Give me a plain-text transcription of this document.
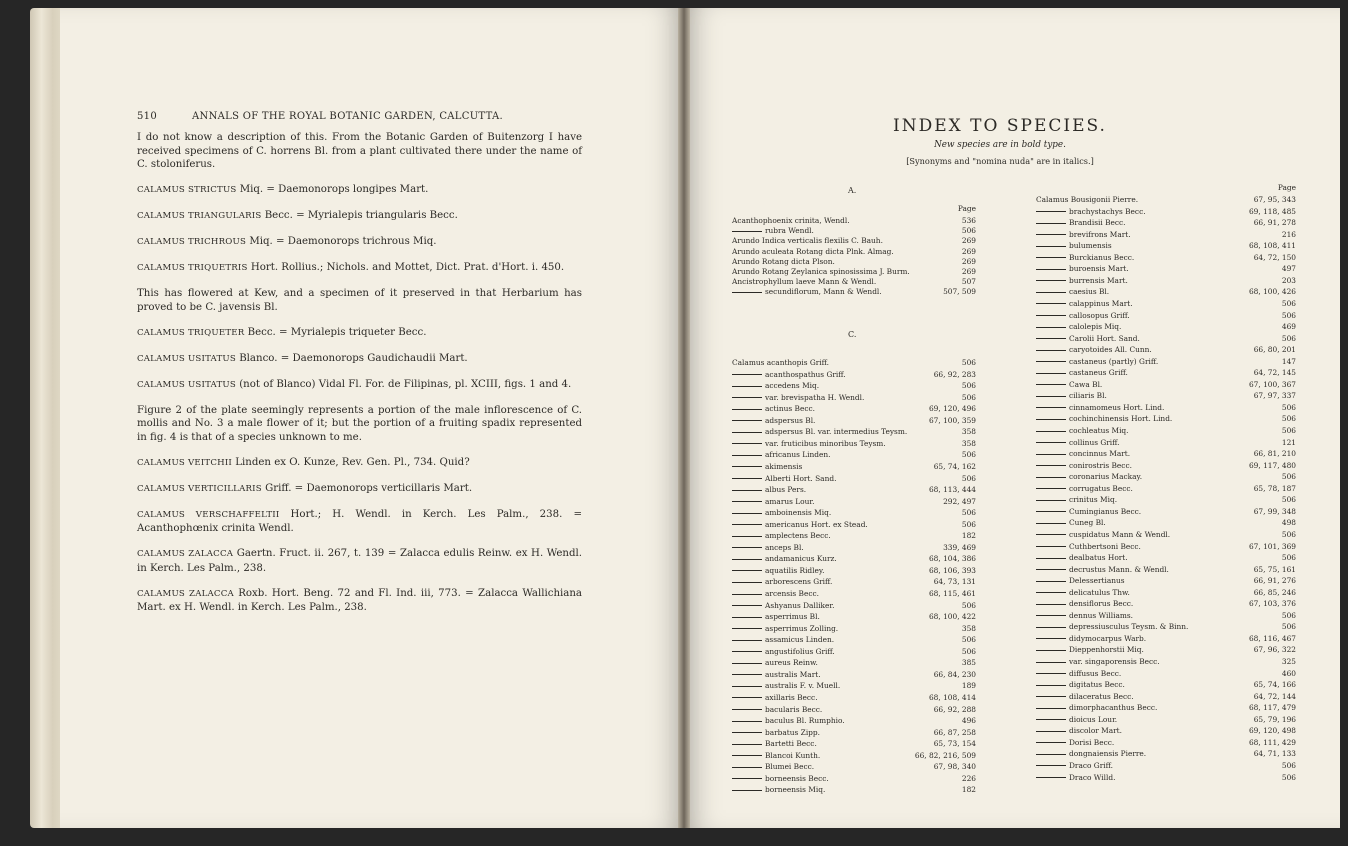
510	ANNALS OF THE ROYAL BOTANIC GARDEN, CALCUTTA.

I do not know a description of this. From the Botanic Garden of Buitenzorg I have received specimens of C. horrens Bl. from a plant cultivated there under the name of C. stoloniferus.

CALAMUS STRICTUS Miq. = Daemonorops longipes Mart.

CALAMUS TRIANGULARIS Becc. = Myrialepis triangularis Becc.

CALAMUS TRICHROUS Miq. = Daemonorops trichrous Miq.

CALAMUS TRIQUETRIS Hort. Rollius.; Nichols. and Mottet, Dict. Prat. d'Hort. i. 450.

This has flowered at Kew, and a specimen of it preserved in that Herbarium has proved to be C. javensis Bl.

CALAMUS TRIQUETER Becc. = Myrialepis triqueter Becc.

CALAMUS USITATUS Blanco. = Daemonorops Gaudichaudii Mart.

CALAMUS USITATUS (not of Blanco) Vidal Fl. For. de Filipinas, pl. XCIII, figs. 1 and 4.

Figure 2 of the plate seemingly represents a portion of the male inflorescence of C. mollis and No. 3 a male flower of it; but the portion of a fruiting spadix represented in fig. 4 is that of a species unknown to me.

CALAMUS VEITCHII Linden ex O. Kunze, Rev. Gen. Pl., 734. Quid?

CALAMUS VERTICILLARIS Griff. = Daemonorops verticillaris Mart.

CALAMUS VERSCHAFFELTII Hort.; H. Wendl. in Kerch. Les Palm., 238. = Acanthophœnix crinita Wendl.

CALAMUS ZALACCA Gaertn. Fruct. ii. 267, t. 139 = Zalacca edulis Reinw. ex H. Wendl. in Kerch. Les Palm., 238.

CALAMUS ZALACCA Roxb. Hort. Beng. 72 and Fl. Ind. iii, 773. = Zalacca Wallichiana Mart. ex H. Wendl. in Kerch. Les Palm., 238.

INDEX TO SPECIES.
New species are in bold type.
[Synonyms and "nomina nuda" are in italics.]
A.
Page
C.
Acanthophoenix crinita, Wendl.	536
rubra Wendl.	506
Arundo Indica verticalis flexilis C. Bauh.	269
Arundo aculeata Rotang dicta Plnk. Almag.	269
Arundo Rotang dicta Plson.	269
Arundo Rotang Zeylanica spinosissima J. Burm.	269
Ancistrophyllum laeve Mann & Wendl.	507
secundiflorum, Mann & Wendl.	507, 509
Calamus acanthopis Griff.	506
acanthospathus Griff.	66, 92, 283
accedens Miq.	506
var. brevispatha H. Wendl.	506
actinus Becc.	69, 120, 496
adspersus Bl.	67, 100, 359
adspersus Bl. var. intermedius Teysm.	358
var. fruticibus minoribus Teysm.	358
africanus Linden.	506
akimensis	65, 74, 162
Alberti Hort. Sand.	506
albus Pers.	68, 113, 444
amarus Lour.	292, 497
amboinensis Miq.	506
americanus Hort. ex Stead.	506
amplectens Becc.	182
anceps Bl.	339, 469
andamanicus Kurz.	68, 104, 386
aquatilis Ridley.	68, 106, 393
arborescens Griff.	64, 73, 131
arcensis Becc.	68, 115, 461
Ashyanus Dalliker.	506
asperrimus Bl.	68, 100, 422
asperrimus Zolling.	358
assamicus Linden.	506
angustifolius Griff.	506
aureus Reinw.	385
australis Mart.	66, 84, 230
australis F. v. Muell.	189
axillaris Becc.	68, 108, 414
bacularis Becc.	66, 92, 288
baculus Bl. Rumphio.	496
barbatus Zipp.	66, 87, 258
Bartetti Becc.	65, 73, 154
Blancoi Kunth.	66, 82, 216, 509
Blumei Becc.	67, 98, 340
borneensis Becc.	226
borneensis Miq.	182
Page
Calamus Bousigonii Pierre.	67, 95, 343
brachystachys Becc.	69, 118, 485
Brandisii Becc.	66, 91, 278
brevifrons Mart.	216
bulumensis	68, 108, 411
Burckianus Becc.	64, 72, 150
buroensis Mart.	497
burrensis Mart.	203
caesius Bl.	68, 100, 426
calappinus Mart.	506
callosopus Griff.	506
calolepis Miq.	469
Carolii Hort. Sand.	506
caryotoides All. Cunn.	66, 80, 201
castaneus (partly) Griff.	147
castaneus Griff.	64, 72, 145
Cawa Bl.	67, 100, 367
ciliaris Bl.	67, 97, 337
cinnamomeus Hort. Lind.	506
cochinchinensis Hort. Lind.	506
cochleatus Miq.	506
collinus Griff.	121
concinnus Mart.	66, 81, 210
conirostris Becc.	69, 117, 480
coronarius Mackay.	506
corrugatus Becc.	65, 78, 187
crinitus Miq.	506
Cumingianus Becc.	67, 99, 348
Cuneg Bl.	498
cuspidatus Mann & Wendl.	506
Cuthbertsoni Becc.	67, 101, 369
dealbatus Hort.	506
decrustus Mann. & Wendl.	65, 75, 161
Delessertianus	66, 91, 276
delicatulus Thw.	66, 85, 246
densiflorus Becc.	67, 103, 376
dennus Williams.	506
depressiusculus Teysm. & Binn.	506
didymocarpus Warb.	68, 116, 467
Dieppenhorstii Miq.	67, 96, 322
var. singaporensis Becc.	325
diffusus Becc.	460
digitatus Becc.	65, 74, 166
dilaceratus Becc.	64, 72, 144
dimorphacanthus Becc.	68, 117, 479
dioicus Lour.	65, 79, 196
discolor Mart.	69, 120, 498
Dorisi Becc.	68, 111, 429
dongnaiensis Pierre.	64, 71, 133
Draco Griff.	506
Draco Willd.	506
